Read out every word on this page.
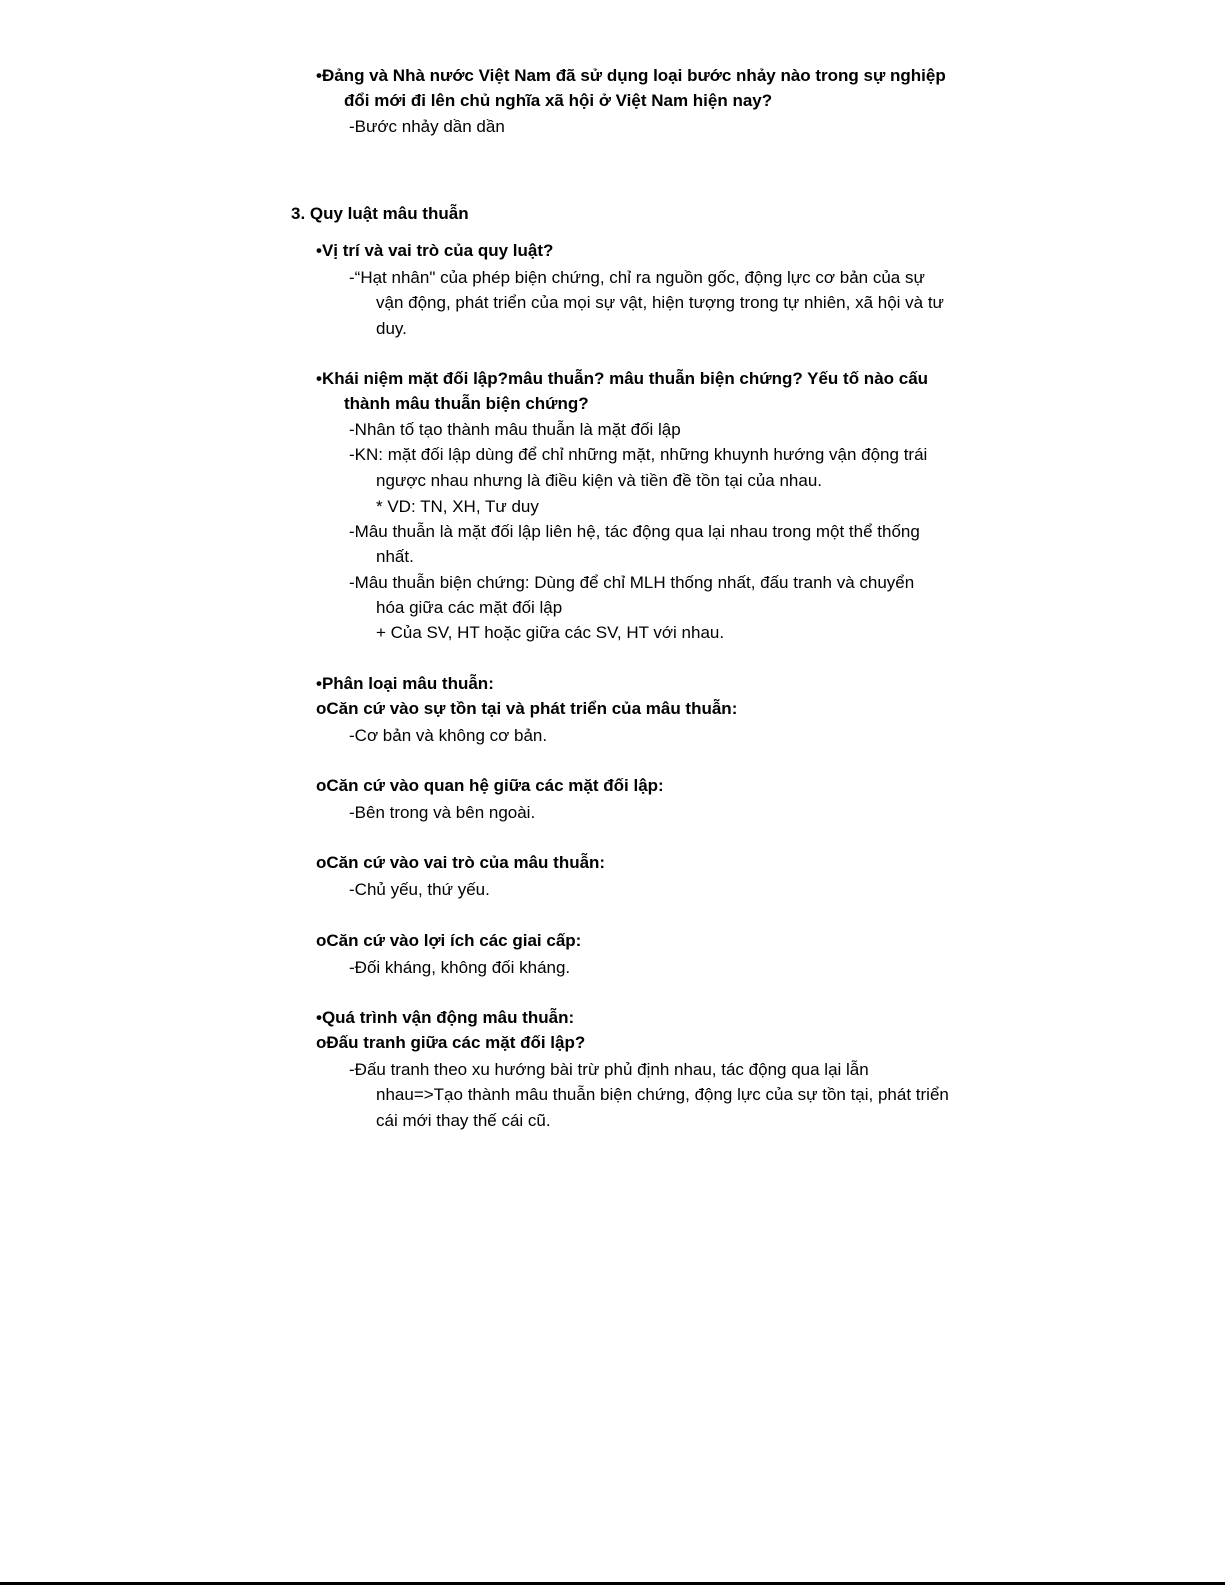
•Đảng và Nhà nước Việt Nam đã sử dụng loại bước nhảy nào trong sự nghiệp
đổi mới đi lên chủ nghĩa xã hội ở Việt Nam hiện nay?
-Bước nhảy dần dần
3. Quy luật mâu thuẫn
•Vị trí và vai trò của quy luật?
-“Hạt nhân" của phép biện chứng, chỉ ra nguồn gốc, động lực cơ bản của sự
vận động, phát triển của mọi sự vật, hiện tượng trong tự nhiên, xã hội và tư
duy.
•Khái niệm mặt đối lập?mâu thuẫn? mâu thuẫn biện chứng? Yếu tố nào cấu
thành mâu thuẫn biện chứng?
-Nhân tố tạo thành mâu thuẫn là mặt đối lập
-KN: mặt đối lập dùng để chỉ những mặt, những khuynh hướng vận động trái
ngược nhau nhưng là điều kiện và tiền đề tồn tại của nhau.
* VD: TN, XH, Tư duy
-Mâu thuẫn là mặt đối lập liên hệ, tác động qua lại nhau trong một thể thống
nhất.
-Mâu thuẫn biện chứng: Dùng để chỉ MLH thống nhất, đấu tranh và chuyển
hóa giữa các mặt đối lập
+ Của SV, HT hoặc giữa các SV, HT với nhau.
•Phân loại mâu thuẫn:
oCăn cứ vào sự tồn tại và phát triển của mâu thuẫn:
-Cơ bản và không cơ bản.
oCăn cứ vào quan hệ giữa các mặt đối lập:
-Bên trong và bên ngoài.
oCăn cứ vào vai trò của mâu thuẫn:
-Chủ yếu, thứ yếu.
oCăn cứ vào lợi ích các giai cấp:
-Đối kháng, không đối kháng.
•Quá trình vận động mâu thuẫn:
oĐấu tranh giữa các mặt đối lập?
-Đấu tranh theo xu hướng bài trừ phủ định nhau, tác động qua lại lẫn
nhau=>Tạo thành mâu thuẫn biện chứng, động lực của sự tồn tại, phát triển
cái mới thay thế cái cũ.
